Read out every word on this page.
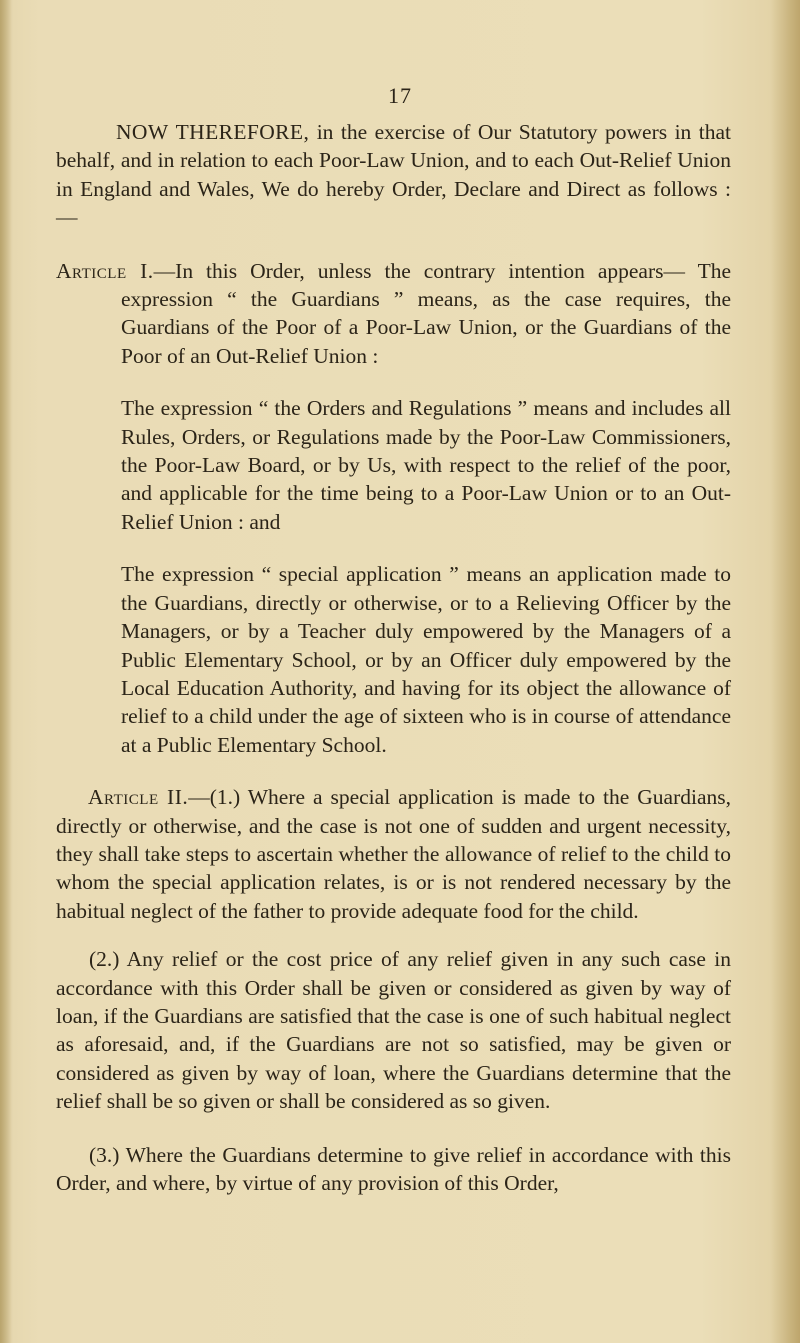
17

NOW THEREFORE, in the exercise of Our Statutory powers in that behalf, and in relation to each Poor-Law Union, and to each Out-Relief Union in England and Wales, We do hereby Order, Declare and Direct as follows : —

Article I.—In this Order, unless the contrary intention appears— The expression “ the Guardians ” means, as the case requires, the Guardians of the Poor of a Poor-Law Union, or the Guardians of the Poor of an Out-Relief Union :

The expression “ the Orders and Regulations ” means and includes all Rules, Orders, or Regulations made by the Poor-Law Commissioners, the Poor-Law Board, or by Us, with respect to the relief of the poor, and applicable for the time being to a Poor-Law Union or to an Out-Relief Union : and

The expression “ special application ” means an application made to the Guardians, directly or otherwise, or to a Relieving Officer by the Managers, or by a Teacher duly empowered by the Managers of a Public Elementary School, or by an Officer duly empowered by the Local Education Authority, and having for its object the allowance of relief to a child under the age of sixteen who is in course of attendance at a Public Elementary School.

Article II.—(1.) Where a special application is made to the Guardians, directly or otherwise, and the case is not one of sudden and urgent necessity, they shall take steps to ascertain whether the allowance of relief to the child to whom the special application relates, is or is not rendered necessary by the habitual neglect of the father to provide adequate food for the child.

(2.) Any relief or the cost price of any relief given in any such case in accordance with this Order shall be given or considered as given by way of loan, if the Guardians are satisfied that the case is one of such habitual neglect as aforesaid, and, if the Guardians are not so satisfied, may be given or considered as given by way of loan, where the Guardians determine that the relief shall be so given or shall be considered as so given.

(3.) Where the Guardians determine to give relief in accordance with this Order, and where, by virtue of any provision of this Order,
